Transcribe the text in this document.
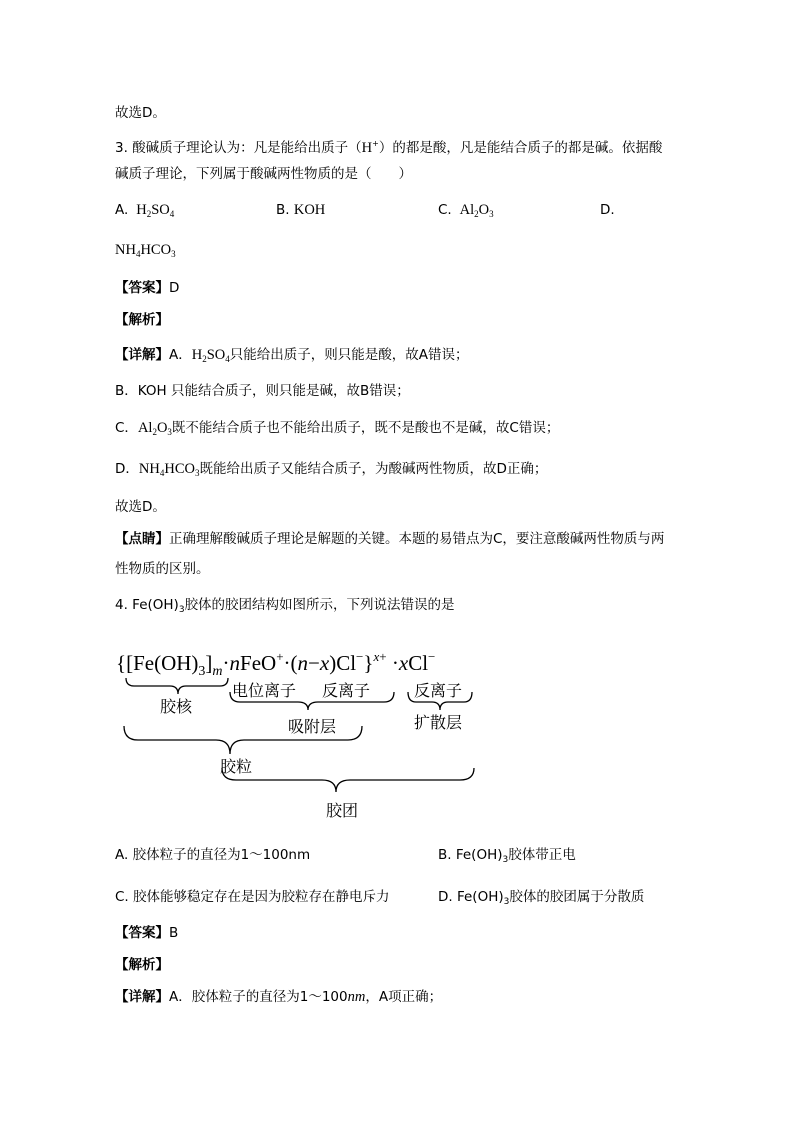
故选D。
3. 酸碱质子理论认为：凡是能给出质子（H+）的都是酸，凡是能结合质子的都是碱。依据酸
碱质子理论，下列属于酸碱两性物质的是（　　）
A.  $H_2SO_4$	B. KOH	C.  $Al_2O_3$	D.
$NH_4HCO_3$
【答案】D
【解析】
【详解】A．$H_2SO_4$只能给出质子，则只能是酸，故A错误；
B．KOH 只能结合质子，则只能是碱，故B错误；
C．$Al_2O_3$既不能结合质子也不能给出质子，既不是酸也不是碱，故C错误；
D．$NH_4HCO_3$既能给出质子又能结合质子，为酸碱两性物质，故D正确；
故选D。
【点睛】正确理解酸碱质子理论是解题的关键。本题的易错点为C，要注意酸碱两性物质与两
性物质的区别。
4. $Fe(OH)_3$胶体的胶团结构如图所示，下列说法错误的是
$\{[Fe(OH)_3]_m\cdot nFeO^+\cdot(n-x)Cl^-\}^x+ \cdot xCl^-$
胶核
电位离子 反离子	反离子
吸附层	扩散层
胶粒
胶团
A. 胶体粒子的直径为1～100nm	B. $Fe(OH)_3$胶体带正电
C. 胶体能够稳定存在是因为胶粒存在静电斥力	D. $Fe(OH)_3$胶体的胶团属于分散质
【答案】B
【解析】
【详解】A．胶体粒子的直径为1～100nm，A项正确；
